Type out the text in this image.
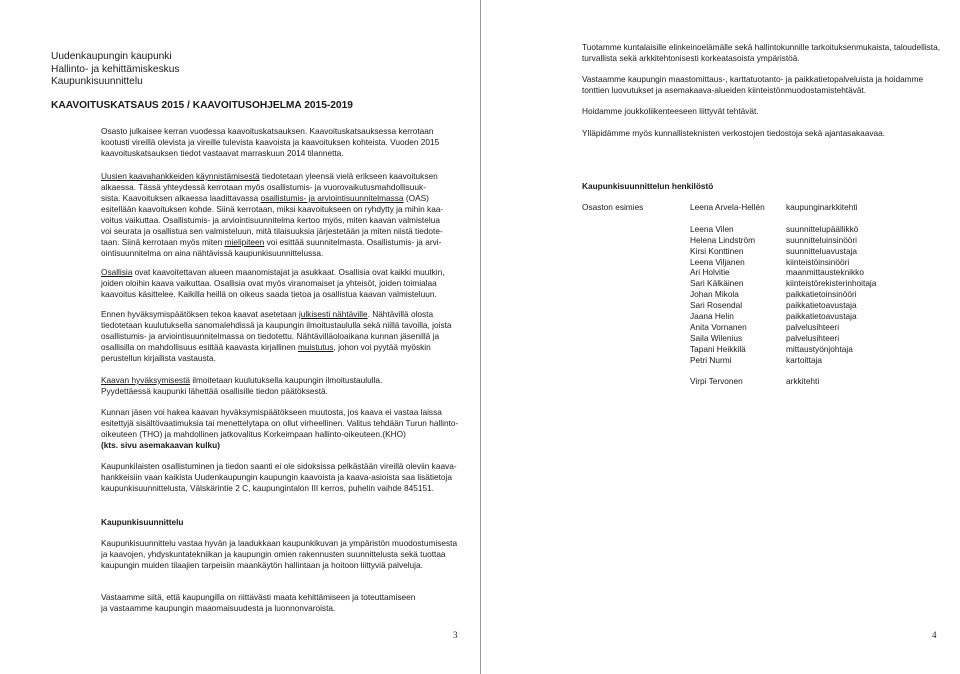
Uudenkaupungin kaupunki
Hallinto- ja kehittämiskeskus
Kaupunkisuunnittelu
KAAVOITUSKATSAUS 2015 / KAAVOITUSOHJELMA 2015-2019
Osasto julkaisee kerran vuodessa kaavoituskatsauksen. Kaavoituskatsauksessa kerrotaan
kootusti vireillä olevista ja vireille tulevista kaavoista ja kaavoituksen kohteista. Vuoden 2015
kaavoituskatsauksen tiedot vastaavat marraskuun 2014 tilannetta.
Uusien kaavahankkeiden käynnistämisestä tiedotetaan yleensä vielä erikseen kaavoituksen
alkaessa. Tässä yhteydessä kerrotaan myös osallistumis- ja vuorovaikutusmahdollisuuk-
sista. Kaavoituksen alkaessa laadittavassa osallistumis- ja arviointisuunnitelmassa (OAS)
esitellään kaavoituksen kohde. Siinä kerrotaan, miksi kaavoitukseen on ryhdytty ja mihin kaa-
voitus vaikuttaa. Osallistumis- ja arviointisuunnitelma kertoo myös, miten kaavan valmistelua
voi seurata ja osallistua sen valmisteluun, mitä tilaisuuksia järjestetään ja miten niistä tiedote-
taan. Siinä kerrotaan myös miten mielipiteen voi esittää suunnitelmasta. Osallistumis- ja arvi-
ointisuunnitelma on aina nähtävissä kaupunkisuunnittelussa.
Osallisia ovat kaavoitettavan alueen maanomistajat ja asukkaat. Osallisia ovat kaikki muutkin,
joiden oloihin kaava vaikuttaa. Osallisia ovat myös viranomaiset ja yhteisöt, joiden toimialaa
kaavoitus käsittelee. Kaikilla heillä on oikeus saada tietoa ja osallistua kaavan valmisteluun.
Ennen hyväksymispäätöksen tekoa kaavat asetetaan julkisesti nähtäville. Nähtävillä olosta
tiedotetaan kuulutuksella sanomalehdissä ja kaupungin ilmoitustaululla sekä niillä tavoilla, joista
osallistumis- ja arviointisuunnitelmassa on tiedotettu. Nähtävilläoloaikana kunnan jäsenillä ja
osallisilla on mahdollisuus esittää kaavasta kirjallinen muistutus, johon voi pyytää myöskin
perustellun kirjallista vastausta.
Kaavan hyväksymisestä ilmoitetaan kuulutuksella kaupungin ilmoitustaululla.
Pyydettäessä kaupunki lähettää osallisille tiedon päätöksestä.
Kunnan jäsen voi hakea kaavan hyväksymispäätökseen muutosta, jos kaava ei vastaa laissa
esitettyjä sisältövaatimuksia tai menettelytapa on ollut virheellinen. Valitus tehdään Turun hallinto-
oikeuteen (THO) ja mahdollinen jatkovalitus Korkeimpaan hallinto-oikeuteen.(KHO)
(kts. sivu asemakaavan kulku)
Kaupunkilaisten osallistuminen ja tiedon saanti ei ole sidoksissa pelkästään vireillä oleviin kaava-
hankkeisiin vaan kaikista Uudenkaupungin kaupungin kaavoista ja kaava-asioista saa lisätietoja
kaupunkisuunnittelusta, Välskärintie 2 C, kaupungintalon III kerros, puhelin vaihde 845151.
Kaupunkisuunnittelu
Kaupunkisuunnittelu vastaa hyvän ja laadukkaan kaupunkikuvan ja ympäristön muodostumisesta
ja kaavojen, yhdyskuntatekniikan ja kaupungin omien rakennusten suunnittelusta sekä tuottaa
kaupungin muiden tilaajien tarpeisiin maankäytön hallintaan ja hoitoon liittyviä palveluja.
Vastaamme siitä, että kaupungilla on riittävästi maata kehittämiseen ja toteuttamiseen
ja vastaamme kaupungin maaomaisuudesta ja luonnonvaroista.
3
Tuotamme kuntalaisille elinkeinoelämälle sekä hallintokunnille tarkoituksenmukaista, taloudellista,
turvallista sekä arkkitehtonisesti korkeatasoista ympäristöä.
Vastaamme kaupungin maastomittaus-, karttatuotanto- ja paikkatietopalveluista ja hoidamme
tonttien luovutukset ja asemakaava-alueiden kiinteistönmuodostamistehtävät.
Hoidamme joukkoliikenteeseen liittyvät tehtävät.
Ylläpidämme myös kunnallisteknisten verkostojen tiedostoja sekä ajantasakaavaa.
Kaupunkisuunnittelun henkilöstö
4
Osaston esimies	Leena Arvela-Hellén	kaupunginarkkitehti

	Leena Vilen	suunnittelupäällikkö
	Helena Lindström	suunnitteluinsinööri
	Kirsi Konttinen	suunnitteluavustaja
	Leena Viljanen	kiinteistöinsinööri
	Ari Holvitie	maanmittausteknikko
	Sari Kälkäinen	kiinteistörekisterinhoitaja
	Johan Mikola	paikkatietoinsinööri
	Sari Rosendal	paikkatietoavustaja
	Jaana Helin	paikkatietoavustaja
	Anita Vornanen	palvelusihteeri
	Saila Wilenius	palvelusihteeri
	Tapani Heikkilä	mittaustyönjohtaja
	Petri Nurmi	kartoittaja

	Virpi Tervonen	arkkitehti
